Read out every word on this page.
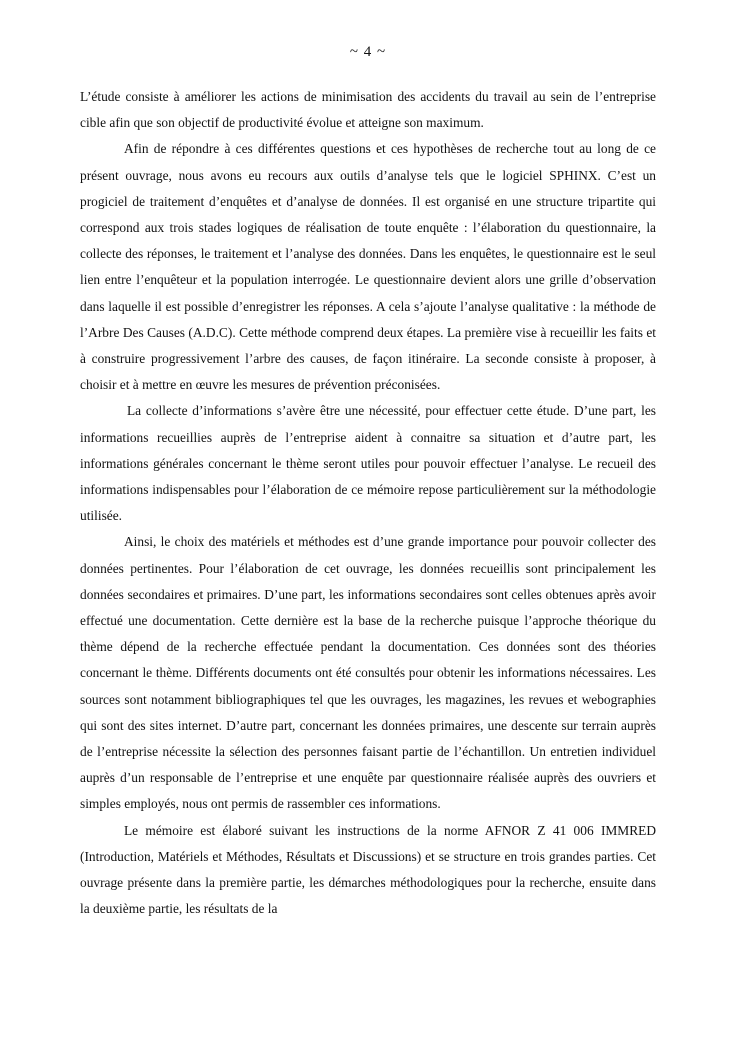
~ 4 ~

L’étude consiste à améliorer les actions de minimisation des accidents du travail au sein de l’entreprise cible afin que son objectif de productivité évolue et atteigne son maximum.

Afin de répondre à ces différentes questions et ces hypothèses de recherche tout au long de ce présent ouvrage, nous avons eu recours aux outils d’analyse tels que le logiciel SPHINX. C’est un progiciel de traitement d’enquêtes et d’analyse de données. Il est organisé en une structure tripartite qui correspond aux trois stades logiques de réalisation de toute enquête : l’élaboration du questionnaire, la collecte des réponses, le traitement et l’analyse des données. Dans les enquêtes, le questionnaire est le seul lien entre l’enquêteur et la population interrogée. Le questionnaire devient alors une grille d’observation dans laquelle il est possible d’enregistrer les réponses. A cela s’ajoute l’analyse qualitative : la méthode de l’Arbre Des Causes (A.D.C). Cette méthode comprend deux étapes. La première vise à recueillir les faits et à construire progressivement l’arbre des causes, de façon itinéraire. La seconde consiste à proposer, à choisir et à mettre en œuvre les mesures de prévention préconisées.

La collecte d’informations s’avère être une nécessité, pour effectuer cette étude. D’une part, les informations recueillies auprès de l’entreprise aident à connaitre sa situation et d’autre part, les informations générales concernant le thème seront utiles pour pouvoir effectuer l’analyse. Le recueil des informations indispensables pour l’élaboration de ce mémoire repose particulièrement sur la méthodologie utilisée.

Ainsi, le choix des matériels et méthodes est d’une grande importance pour pouvoir collecter des données pertinentes. Pour l’élaboration de cet ouvrage, les données recueillis sont principalement les données secondaires et primaires. D’une part, les informations secondaires sont celles obtenues après avoir effectué une documentation. Cette dernière est la base de la recherche puisque l’approche théorique du thème dépend de la recherche effectuée pendant la documentation. Ces données sont des théories concernant le thème. Différents documents ont été consultés pour obtenir les informations nécessaires. Les sources sont notamment bibliographiques tel que les ouvrages, les magazines, les revues et webographies qui sont des sites internet. D’autre part, concernant les données primaires, une descente sur terrain auprès de l’entreprise nécessite la sélection des personnes faisant partie de l’échantillon. Un entretien individuel auprès d’un responsable de l’entreprise et une enquête par questionnaire réalisée auprès des ouvriers et simples employés, nous ont permis de rassembler ces informations.

Le mémoire est élaboré suivant les instructions de la norme AFNOR Z 41 006 IMMRED (Introduction, Matériels et Méthodes, Résultats et Discussions) et se structure en trois grandes parties. Cet ouvrage présente dans la première partie, les démarches méthodologiques pour la recherche, ensuite dans la deuxième partie, les résultats de la
